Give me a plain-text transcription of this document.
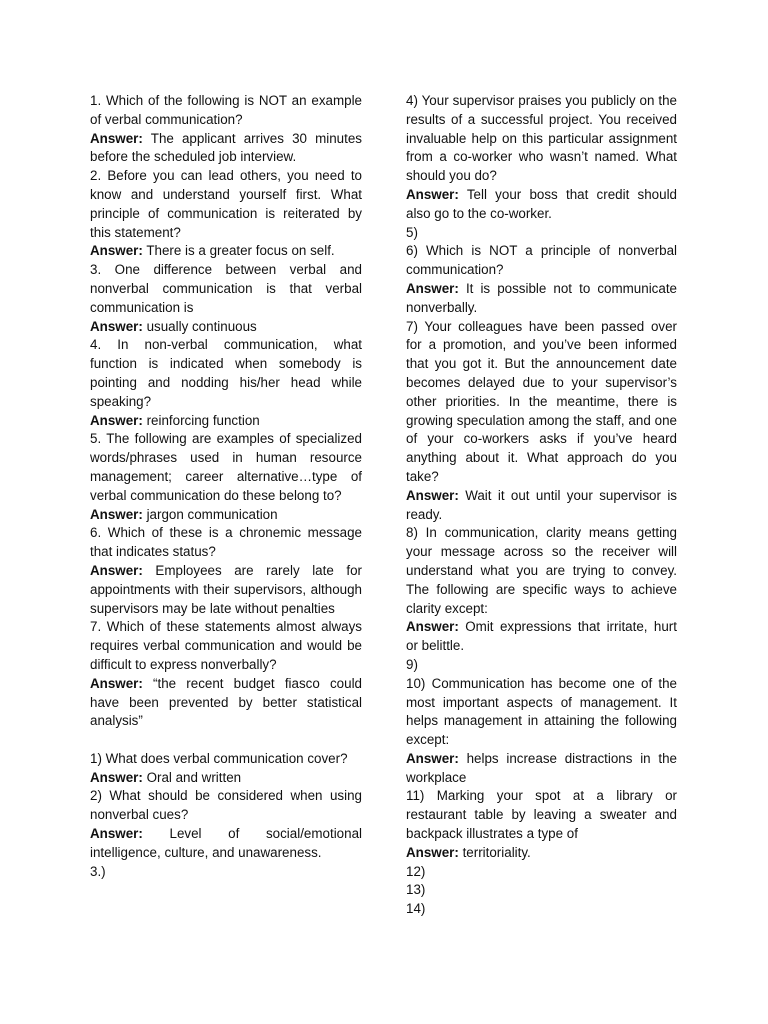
1. Which of the following is NOT an example of verbal communication?
Answer: The applicant arrives 30 minutes before the scheduled job interview.
2. Before you can lead others, you need to know and understand yourself first. What principle of communication is reiterated by this statement?
Answer: There is a greater focus on self.
3. One difference between verbal and nonverbal communication is that verbal communication is
Answer: usually continuous
4. In non-verbal communication, what function is indicated when somebody is pointing and nodding his/her head while speaking?
Answer: reinforcing function
5. The following are examples of specialized words/phrases used in human resource management; career alternative…type of verbal communication do these belong to?
Answer: jargon communication
6. Which of these is a chronemic message that indicates status?
Answer: Employees are rarely late for appointments with their supervisors, although supervisors may be late without penalties
7. Which of these statements almost always requires verbal communication and would be difficult to express nonverbally?
Answer: “the recent budget fiasco could have been prevented by better statistical analysis”
1) What does verbal communication cover?
Answer: Oral and written
2) What should be considered when using nonverbal cues?
Answer: Level of social/emotional intelligence, culture, and unawareness.
3.)
4) Your supervisor praises you publicly on the results of a successful project. You received invaluable help on this particular assignment from a co-worker who wasn’t named. What should you do?
Answer: Tell your boss that credit should also go to the co-worker.
5)
6) Which is NOT a principle of nonverbal communication?
Answer: It is possible not to communicate nonverbally.
7) Your colleagues have been passed over for a promotion, and you’ve been informed that you got it. But the announcement date becomes delayed due to your supervisor’s other priorities. In the meantime, there is growing speculation among the staff, and one of your co-workers asks if you’ve heard anything about it. What approach do you take?
Answer: Wait it out until your supervisor is ready.
8) In communication, clarity means getting your message across so the receiver will understand what you are trying to convey. The following are specific ways to achieve clarity except:
Answer: Omit expressions that irritate, hurt or belittle.
9)
10) Communication has become one of the most important aspects of management. It helps management in attaining the following except:
Answer: helps increase distractions in the workplace
11) Marking your spot at a library or restaurant table by leaving a sweater and backpack illustrates a type of
Answer: territoriality.
12)
13)
14)
